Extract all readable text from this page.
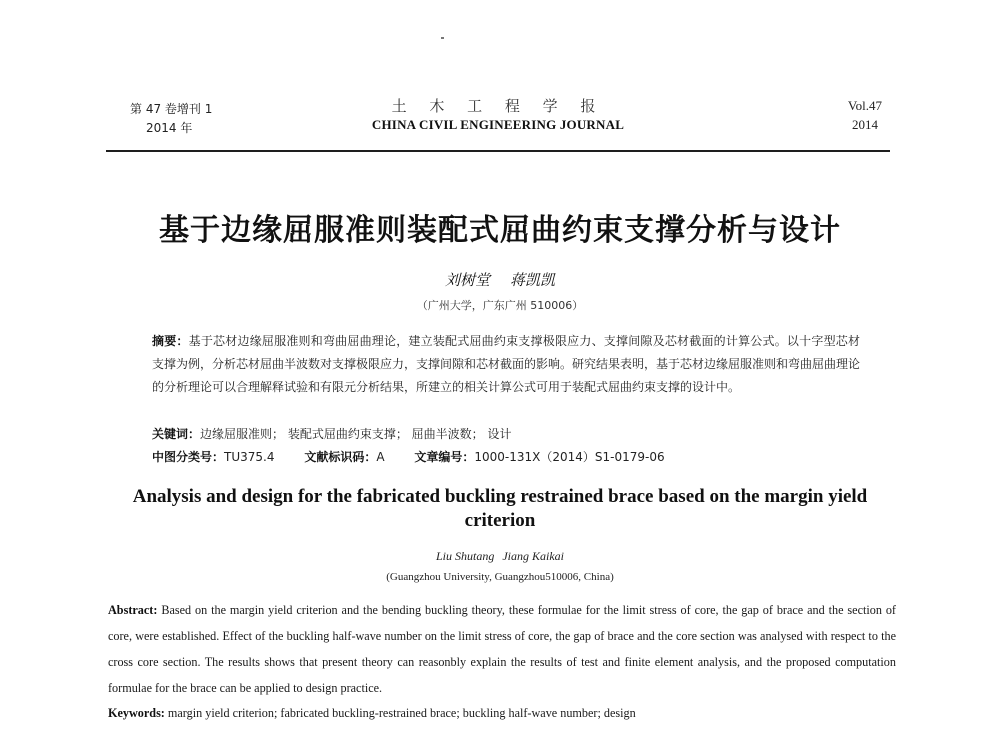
第 47 卷增刊 1
2014 年
土 木 工 程 学 报
CHINA CIVIL ENGINEERING JOURNAL
Vol.47
2014
基于边缘屈服准则装配式屈曲约束支撑分析与设计
刘树堂 蒋凯凯
（广州大学，广东广州 510006）
摘要：基于芯材边缘屈服准则和弯曲屈曲理论，建立装配式屈曲约束支撑极限应力、支撑间隙及芯材截面的计算公式。以十字型芯材支撑为例，分析芯材屈曲半波数对支撑极限应力，支撑间隙和芯材截面的影响。研究结果表明，基于芯材边缘屈服准则和弯曲屈曲理论的分析理论可以合理解释试验和有限元分析结果，所建立的相关计算公式可用于装配式屈曲约束支撑的设计中。
关键词：边缘屈服准则； 装配式屈曲约束支撑； 屈曲半波数； 设计
中图分类号：TU375.4 文献标识码：A 文章编号：1000-131X（2014）S1-0179-06
Analysis and design for the fabricated buckling restrained brace based on the margin yield criterion
Liu Shutang Jiang Kaikai
(Guangzhou University, Guangzhou510006, China)
Abstract: Based on the margin yield criterion and the bending buckling theory, these formulae for the limit stress of core, the gap of brace and the section of core, were established. Effect of the buckling half-wave number on the limit stress of core, the gap of brace and the core section was analysed with respect to the cross core section. The results shows that present theory can reasonbly explain the results of test and finite element analysis, and the proposed computation formulae for the brace can be applied to design practice.
Keywords: margin yield criterion; fabricated buckling-restrained brace; buckling half-wave number; design
